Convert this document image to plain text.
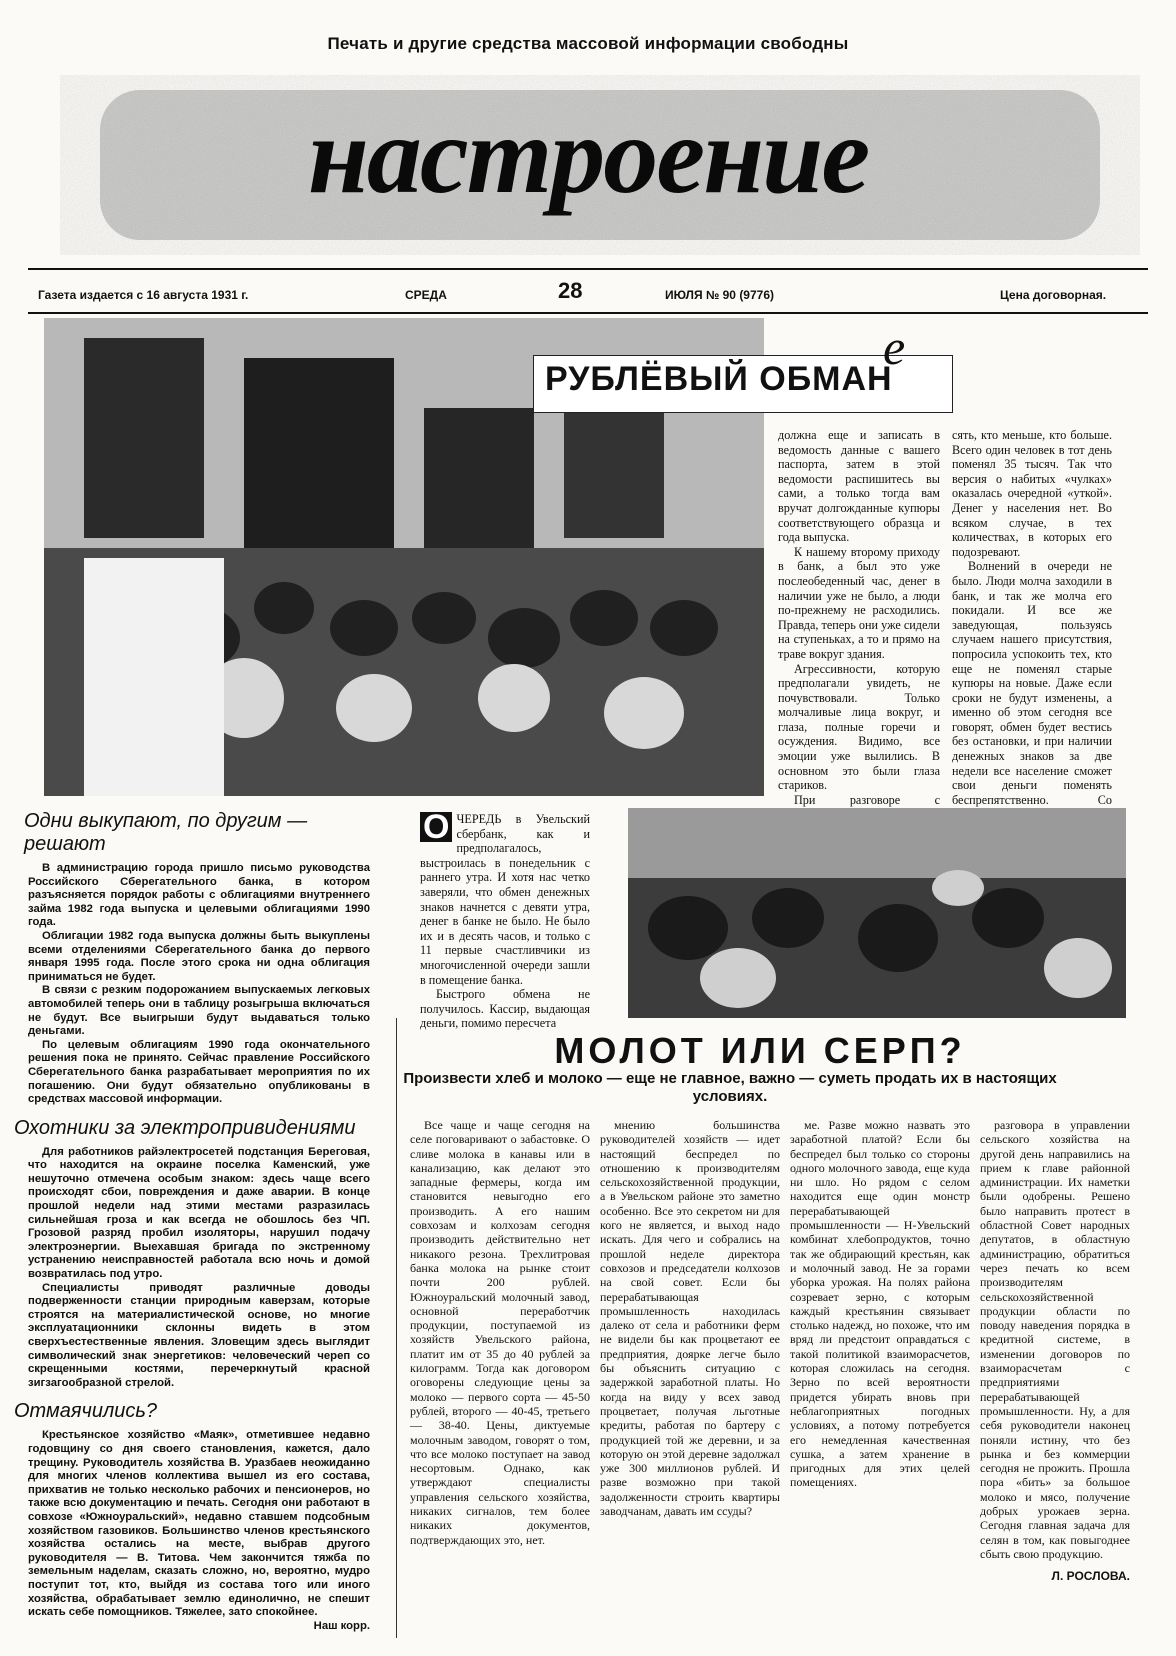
Печать и другие средства массовой информации свободны
настроение
Газета издается с 16 августа 1931 г.	СРЕДА	28	ИЮЛЯ № 90 (9776)	Цена договорная.
РУБЛЁВЫЙ ОБМАН
е

должна еще и записать в ведомость данные с вашего паспорта, затем в этой ведомости распишитесь вы сами, а только тогда вам вручат долгожданные купюры соответствующего образца и года выпуска.

К нашему второму приходу в банк, а был это уже послеобеденный час, денег в наличии уже не было, а люди по-прежнему не расходились. Правда, теперь они уже сидели на ступеньках, а то и прямо на траве вокруг здания.

Агрессивности, которую предполагали увидеть, не почувствовали. Только молчаливые лица вокруг, и глаза, полные горечи и осуждения. Видимо, все эмоции уже вылились. В основном это были глаза стариков.

При разговоре с

сять, кто меньше, кто больше. Всего один человек в тот день поменял 35 тысяч. Так что версия о набитых «чулках» оказалась очередной «уткой». Денег у населения нет. Во всяком случае, в тех количествах, в которых его подозревают.

Волнений в очереди не было. Люди молча заходили в банк, и так же молча его покидали. И все же заведующая, пользуясь случаем нашего присутствия, попросила успокоить тех, кто еще не поменял старые купюры на новые. Даже если сроки не будут изменены, а именно об этом сегодня все говорят, обмен будет вестись без остановки, и при наличии денежных знаков за две недели все население сможет свои деньги поменять беспрепятственно. Со

О ЧЕРЕДЬ в Увельский сбербанк, как и предполагалось, выстроилась в понедельник с раннего утра. И хотя нас четко заверяли, что обмен денежных знаков начнется с девяти утра, денег в банке не было. Не было их и в десять часов, и только с 11 первые счастливчики из многочисленной очереди зашли в помещение банка.

Быстрого обмена не получилось. Кассир, выдающая деньги, помимо пересчета

Одни выкупают, по другим — решают

В администрацию города пришло письмо руководства Российского Сберегательного банка, в котором разъясняется порядок работы с облигациями внутреннего займа 1982 года выпуска и целевыми облигациями 1990 года.

Облигации 1982 года выпуска должны быть выкуплены всеми отделениями Сберегательного банка до первого января 1995 года. После этого срока ни одна облигация приниматься не будет.

В связи с резким подорожанием выпускаемых легковых автомобилей теперь они в таблицу розыгрыша включаться не будут. Все выигрыши будут выдаваться только деньгами.

По целевым облигациям 1990 года окончательного решения пока не принято. Сейчас правление Российского Сберегательного банка разрабатывает мероприятия по их погашению. Они будут обязательно опубликованы в средствах массовой информации.

Охотники за электропривидениями

Для работников райэлектросетей подстанция Береговая, что находится на окраине поселка Каменский, уже нешуточно отмечена особым знаком: здесь чаще всего происходят сбои, повреждения и даже аварии. В конце прошлой недели над этими местами разразилась сильнейшая гроза и как всегда не обошлось без ЧП. Грозовой разряд пробил изоляторы, нарушил подачу электроэнергии. Выехавшая бригада по экстренному устранению неисправностей работала всю ночь и домой возвратилась под утро.

Специалисты приводят различные доводы подверженности станции природным каверзам, которые строятся на материалистической основе, но многие эксплуатационники склонны видеть в этом сверхъестественные явления. Зловещим здесь выглядит символический знак энергетиков: человеческий череп со скрещенными костями, перечеркнутый красной зигзагообразной стрелой.

Отмаячились?

Крестьянское хозяйство «Маяк», отметившее недавно годовщину со дня своего становления, кажется, дало трещину. Руководитель хозяйства В. Уразбаев неожиданно для многих членов коллектива вышел из его состава, прихватив не только несколько рабочих и пенсионеров, но также всю документацию и печать. Сегодня они работают в совхозе «Южноуральский», недавно ставшем подсобным хозяйством газовиков. Большинство членов крестьянского хозяйства остались на месте, выбрав другого руководителя — В. Титова. Чем закончится тяжба по земельным наделам, сказать сложно, но, вероятно, мудро поступит тот, кто, выйдя из состава того или иного хозяйства, обрабатывает землю единолично, не спешит искать себе помощников. Тяжелее, зато спокойнее.

Наш корр.

МОЛОТ ИЛИ СЕРП?
Произвести хлеб и молоко — еще не главное, важно — суметь продать их в настоящих условиях.

Все чаще и чаще сегодня на селе поговаривают о забастовке. О сливе молока в канавы или в канализацию, как делают это западные фермеры, когда им становится невыгодно его производить. А его нашим совхозам и колхозам сегодня производить действительно нет никакого резона. Трехлитровая банка молока на рынке стоит почти 200 рублей. Южноуральский молочный завод, основной переработчик продукции, поступаемой из хозяйств Увельского района, платит им от 35 до 40 рублей за килограмм. Тогда как договором оговорены следующие цены за молоко — первого сорта — 45-50 рублей, второго — 40-45, третьего — 38-40. Цены, диктуемые молочным заводом, говорят о том, что все молоко поступает на завод несортовым. Однако, как утверждают специалисты управления сельского хозяйства, никаких сигналов, тем более никаких документов, подтверждающих это, нет.

мнению большинства руководителей хозяйств — идет настоящий беспредел по отношению к производителям сельскохозяйственной продукции, а в Увельском районе это заметно особенно. Все это секретом ни для кого не является, и выход надо искать. Для чего и собрались на прошлой неделе директора совхозов и председатели колхозов на свой совет. Если бы перерабатывающая промышленность находилась далеко от села и работники ферм не видели бы как процветают ее предприятия, доярке легче было бы объяснить ситуацию с задержкой заработной платы. Но когда на виду у всех завод процветает, получая льготные кредиты, работая по бартеру с продукцией той же деревни, и за которую он этой деревне задолжал уже 300 миллионов рублей. И разве возможно при такой задолженности строить квартиры заводчанам, давать им ссуды?

ме. Разве можно назвать это заработной платой? Если бы беспредел был только со стороны одного молочного завода, еще куда ни шло. Но рядом с селом находится еще один монстр перерабатывающей промышленности — Н-Увельский комбинат хлебопродуктов, точно так же обдирающий крестьян, как и молочный завод. Не за горами уборка урожая. На полях района созревает зерно, с которым каждый крестьянин связывает столько надежд, но похоже, что им вряд ли предстоит оправдаться с такой политикой взаиморасчетов, которая сложилась на сегодня. Зерно по всей вероятности придется убирать вновь при неблагоприятных погодных условиях, а потому потребуется его немедленная качественная сушка, а затем хранение в пригодных для этих целей помещениях.

разговора в управлении сельского хозяйства на другой день направились на прием к главе районной администрации. Их наметки были одобрены. Решено было направить протест в областной Совет народных депутатов, в областную администрацию, обратиться через печать ко всем производителям сельскохозяйственной продукции области по поводу наведения порядка в кредитной системе, в изменении договоров по взаиморасчетам с предприятиями перерабатывающей промышленности. Ну, а для себя руководители наконец поняли истину, что без рынка и без коммерции сегодня не прожить. Прошла пора «бить» за большое молоко и мясо, получение добрых урожаев зерна. Сегодня главная задача для селян в том, как повыгоднее сбыть свою продукцию.

Л. РОСЛОВА.
